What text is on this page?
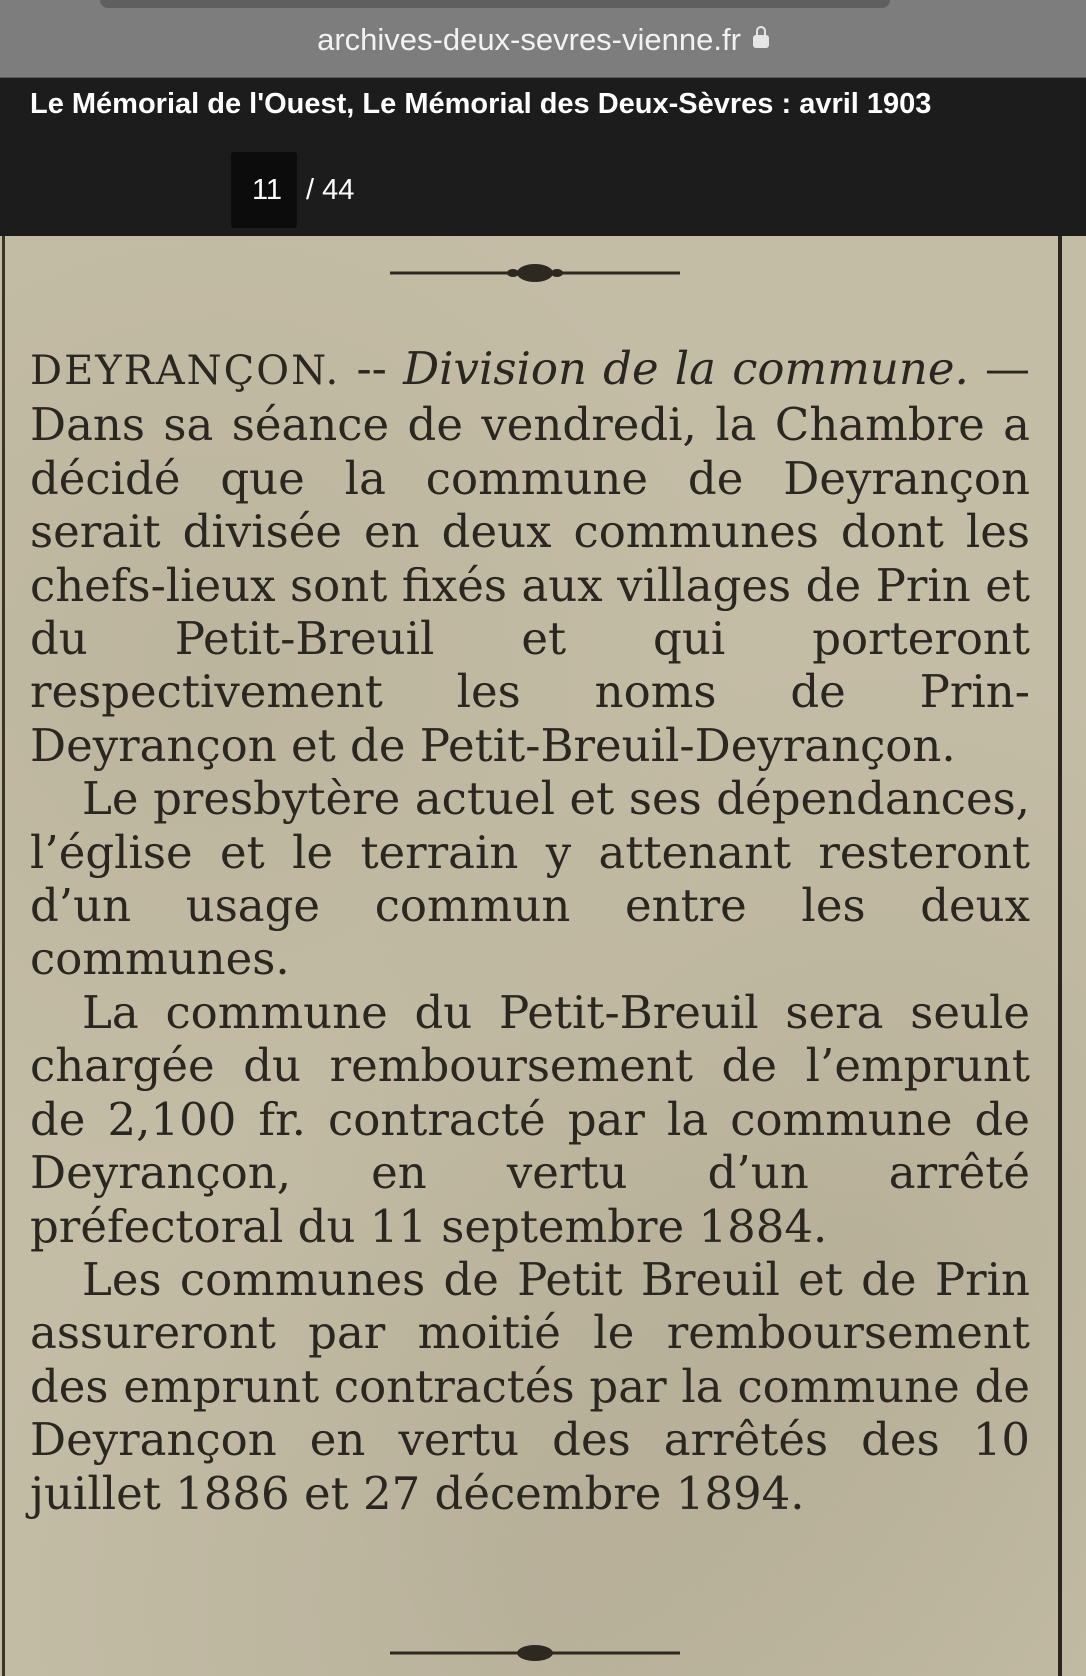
archives-deux-sevres-vienne.fr
Le Mémorial de l'Ouest, Le Mémorial des Deux-Sèvres : avril 1903
11 / 44

DEYRANÇON. -- Division de la commune. — Dans sa séance de vendredi, la Chambre a décidé que la commune de Deyrançon serait divisée en deux communes dont les chefs-lieux sont fixés aux villages de Prin et du Petit-Breuil et qui porteront respectivement les noms de Prin-Deyrançon et de Petit-Breuil-Deyrançon.

Le presbytère actuel et ses dépendances, l’église et le terrain y attenant resteront d’un usage commun entre les deux communes.

La commune du Petit-Breuil sera seule chargée du remboursement de l’emprunt de 2,100 fr. contracté par la commune de Deyrançon, en vertu d’un arrêté préfectoral du 11 septembre 1884.

Les communes de Petit Breuil et de Prin assureront par moitié le remboursement des emprunt contractés par la commune de Deyrançon en vertu des arrêtés des 10 juillet 1886 et 27 décembre 1894.
